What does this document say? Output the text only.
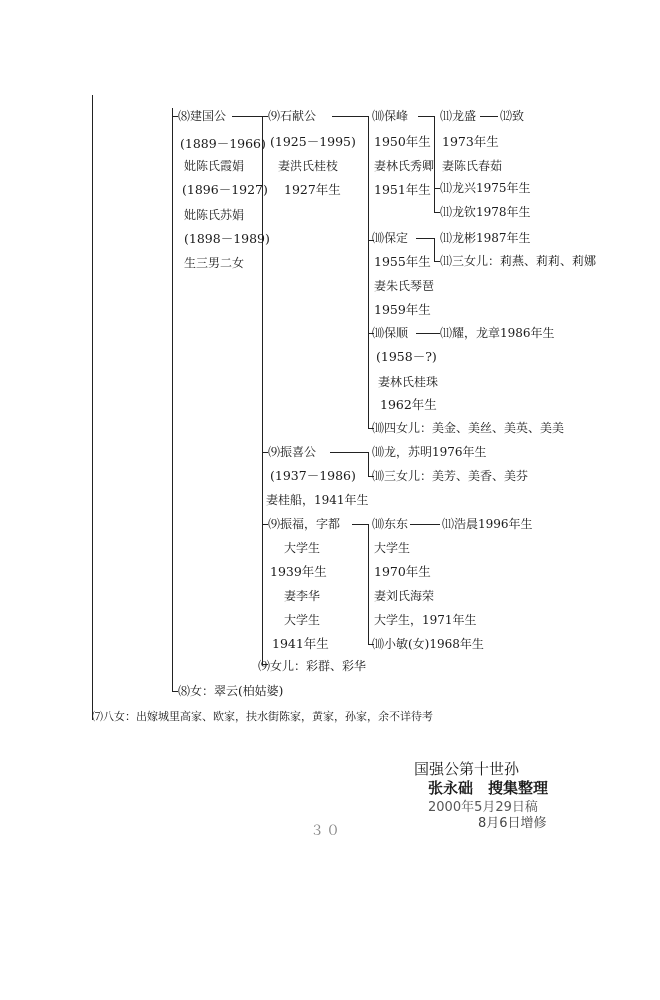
⑻建国公
(1889－1966)
妣陈氏霞娟
(1896－1927)
妣陈氏苏娟
(1898－1989)
生三男二女
⑼石献公
(1925－1995)
妻洪氏桂枝
1927年生
⑽保峰
1950年生
妻林氏秀卿
1951年生
⑾龙盛 ⑿致
1973年生
妻陈氏春茹
⑾龙兴1975年生
⑾龙钦1978年生
⑽保定
1955年生
妻朱氏琴琶
1959年生
⑾龙彬1987年生
⑾三女儿：莉燕、莉莉、莉娜
⑽保顺	⑾耀，龙章1986年生
(1958－?)
妻林氏桂珠
1962年生
⑽四女儿：美金、美丝、美英、美美
⑼振喜公	⑽龙，苏明1976年生
(1937－1986) ⑽三女儿：美芳、美香、美芬
妻桂船，1941年生
⑼振福，字都	⑽东东	⑾浩晨1996年生
大学生	大学生
1939年生	1970年生
妻李华	妻刘氏海荣
大学生	大学生，1971年生
1941年生	⑽小敏(女)1968年生
⑼女儿：彩群、彩华
⑻女：翠云(柏姑婆)
⑺八女：出嫁城里高家、欧家，扶水街陈家，黄家，孙家，余不详待考
国强公第十世孙
张永础　搜集整理
2000年5月29日稿
8月6日增修
３０
